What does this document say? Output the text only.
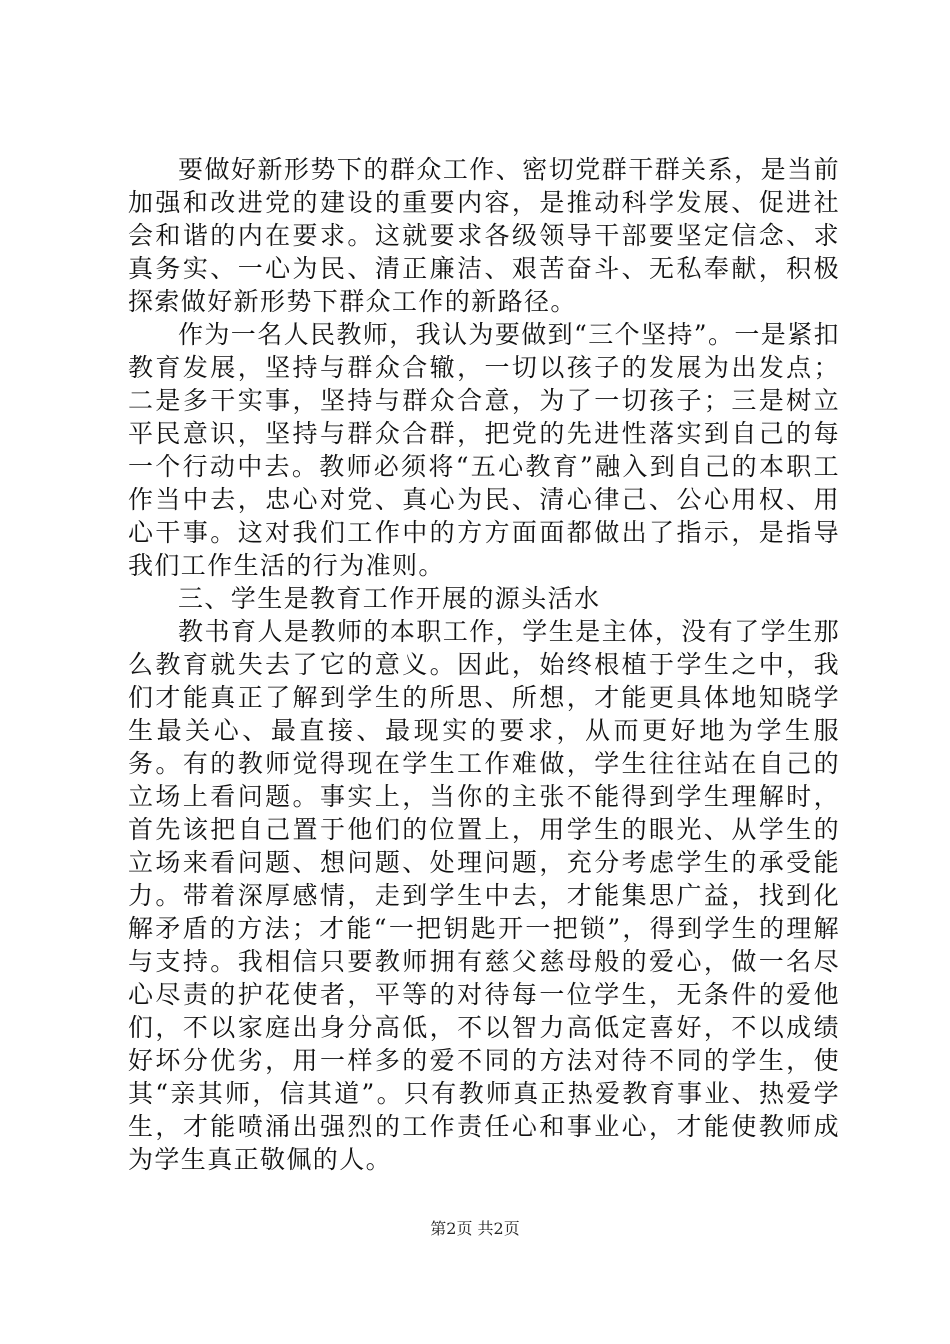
要做好新形势下的群众工作、密切党群干群关系，是当前加强和改进党的建设的重要内容，是推动科学发展、促进社会和谐的内在要求。这就要求各级领导干部要坚定信念、求真务实、一心为民、清正廉洁、艰苦奋斗、无私奉献，积极探索做好新形势下群众工作的新路径。

作为一名人民教师，我认为要做到“三个坚持”。一是紧扣教育发展，坚持与群众合辙，一切以孩子的发展为出发点；二是多干实事，坚持与群众合意，为了一切孩子；三是树立平民意识，坚持与群众合群，把党的先进性落实到自己的每一个行动中去。教师必须将“五心教育”融入到自己的本职工作当中去，忠心对党、真心为民、清心律己、公心用权、用心干事。这对我们工作中的方方面面都做出了指示，是指导我们工作生活的行为准则。

三、学生是教育工作开展的源头活水

教书育人是教师的本职工作，学生是主体，没有了学生那么教育就失去了它的意义。因此，始终根植于学生之中，我们才能真正了解到学生的所思、所想，才能更具体地知晓学生最关心、最直接、最现实的要求，从而更好地为学生服务。有的教师觉得现在学生工作难做，学生往往站在自己的立场上看问题。事实上，当你的主张不能得到学生理解时，首先该把自己置于他们的位置上，用学生的眼光、从学生的立场来看问题、想问题、处理问题，充分考虑学生的承受能力。带着深厚感情，走到学生中去，才能集思广益，找到化解矛盾的方法；才能“一把钥匙开一把锁”，得到学生的理解与支持。我相信只要教师拥有慈父慈母般的爱心，做一名尽心尽责的护花使者，平等的对待每一位学生，无条件的爱他们，不以家庭出身分高低，不以智力高低定喜好，不以成绩好坏分优劣，用一样多的爱不同的方法对待不同的学生，使其“亲其师，信其道”。只有教师真正热爱教育事业、热爱学生，才能喷涌出强烈的工作责任心和事业心，才能使教师成为学生真正敬佩的人。

第2页 共2页
